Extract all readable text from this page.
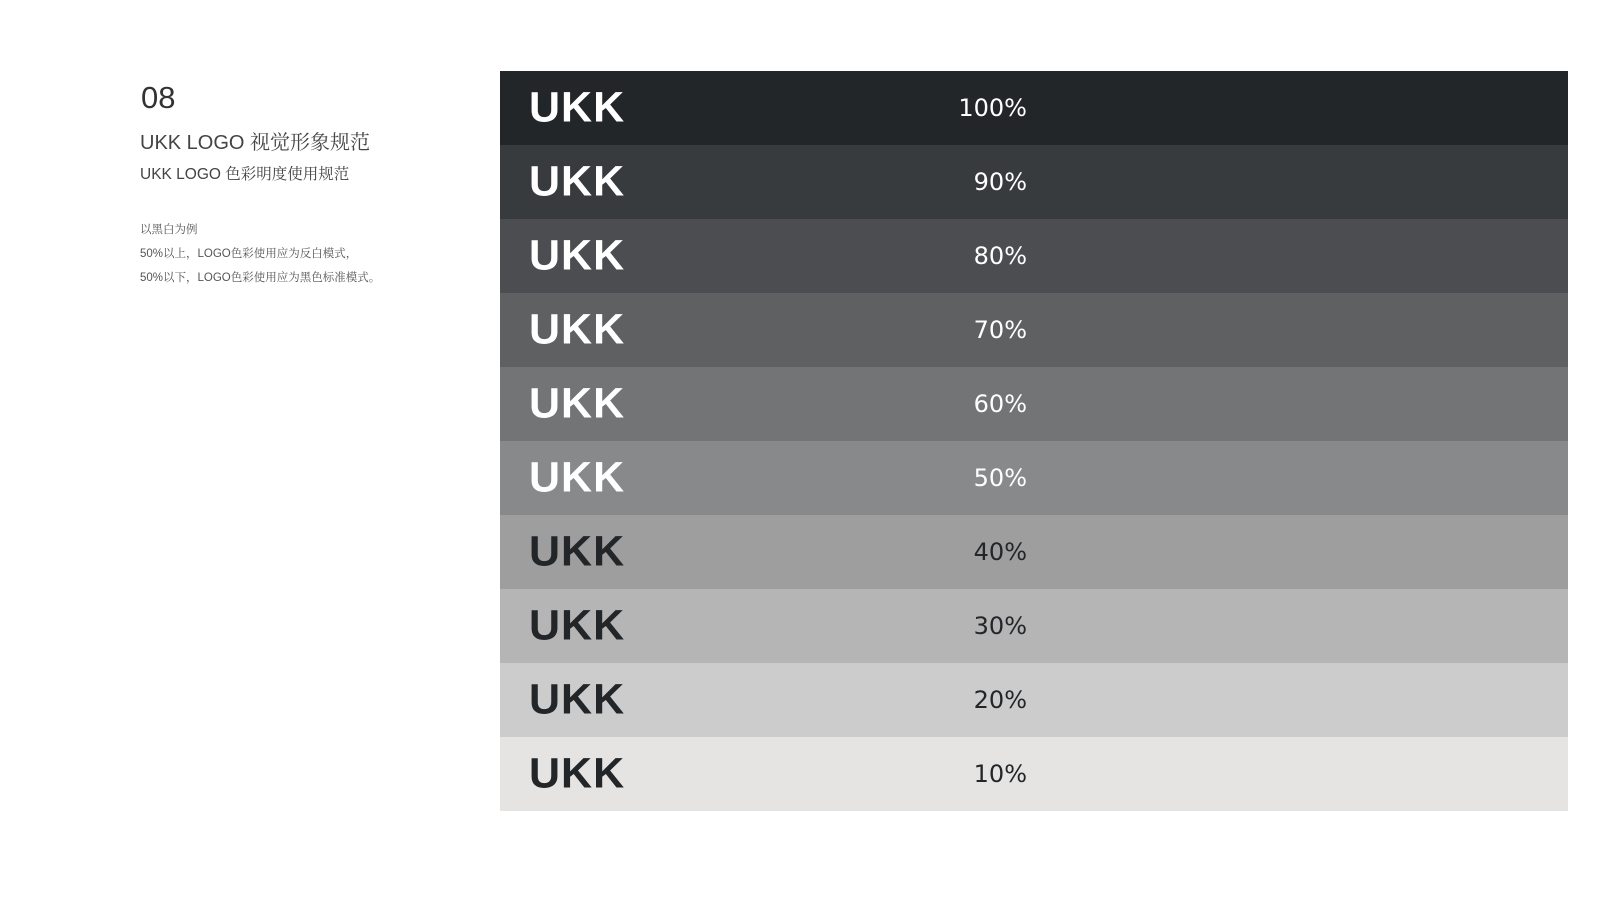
08
UKK LOGO 视觉形象规范
UKK LOGO 色彩明度使用规范
以黑白为例
50%以上，LOGO色彩使用应为反白模式，
50%以下，LOGO色彩使用应为黑色标准模式。
UKK	100%
UKK	90%
UKK	80%
UKK	70%
UKK	60%
UKK	50%
UKK	40%
UKK	30%
UKK	20%
UKK	10%
